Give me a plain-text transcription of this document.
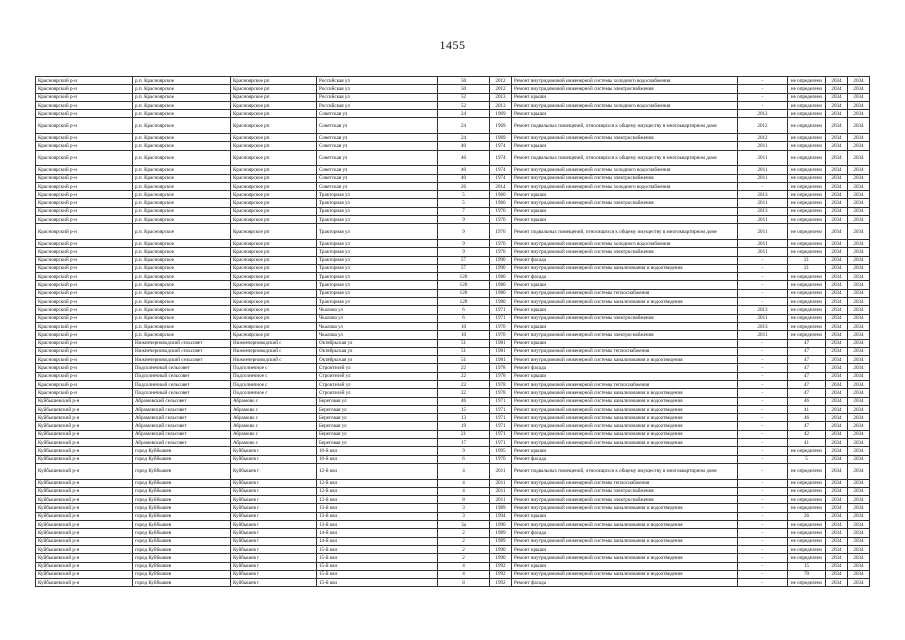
1455
Красноярский р-н	р.п. Красноярское	Красноярское рп	Российская ул	50	2012	Ремонт внутридомовой инженерной системы холодного водоснабжения	-	не определено	2034	2034
Красноярский р-н	р.п. Красноярское	Красноярское рп	Российская ул	50	2012	Ремонт внутридомовой инженерной системы электроснабжения	-	не определено	2034	2034
Красноярский р-н	р.п. Красноярское	Красноярское рп	Российская ул	52	2013	Ремонт крыши	-	не определено	2034	2034
Красноярский р-н	р.п. Красноярское	Красноярское рп	Российская ул	52	2013	Ремонт внутридомовой инженерной системы холодного водоснабжения	-	не определено	2034	2034
Красноярский р-н	р.п. Красноярское	Красноярское рп	Советская ул	24	1969	Ремонт крыши	2012	не определено	2034	2034
Красноярский р-н	р.п. Красноярское	Красноярское рп	Советская ул	24	1969	Ремонт подвальных помещений, относящихся к общему имуществу в многоквартирном доме	2012	не определено	2034	2034
Красноярский р-н	р.п. Красноярское	Красноярское рп	Советская ул	24	1969	Ремонт внутридомовой инженерной системы электроснабжения	2012	не определено	2034	2034
Красноярский р-н	р.п. Красноярское	Красноярское рп	Советская ул	40	1974	Ремонт крыши	2011	не определено	2034	2034
Красноярский р-н	р.п. Красноярское	Красноярское рп	Советская ул	40	1974	Ремонт подвальных помещений, относящихся к общему имуществу в многоквартирном доме	2011	не определено	2034	2034
Красноярский р-н	р.п. Красноярское	Красноярское рп	Советская ул	40	1974	Ремонт внутридомовой инженерной системы холодного водоснабжения	2011	не определено	2034	2034
Красноярский р-н	р.п. Красноярское	Красноярское рп	Советская ул	40	1974	Ремонт внутридомовой инженерной системы электроснабжения	2011	не определено	2034	2034
Красноярский р-н	р.п. Красноярское	Красноярское рп	Советская ул	26	2014	Ремонт внутридомовой инженерной системы холодного водоснабжения	-	не определено	2034	2034
Красноярский р-н	р.п. Красноярское	Красноярское рп	Тракторная ул	5	1960	Ремонт крыши	2013	не определено	2034	2034
Красноярский р-н	р.п. Красноярское	Красноярское рп	Тракторная ул	5	1960	Ремонт внутридомовой инженерной системы электроснабжения	2011	не определено	2034	2034
Красноярский р-н	р.п. Красноярское	Красноярское рп	Тракторная ул	7	1976	Ремонт крыши	2013	не определено	2034	2034
Красноярский р-н	р.п. Красноярское	Красноярское рп	Тракторная ул	9	1976	Ремонт крыши	2011	не определено	2034	2034
Красноярский р-н	р.п. Красноярское	Красноярское рп	Тракторная ул	9	1976	Ремонт подвальных помещений, относящихся к общему имуществу в многоквартирном доме	2011	не определено	2034	2034
Красноярский р-н	р.п. Красноярское	Красноярское рп	Тракторная ул	9	1976	Ремонт внутридомовой инженерной системы холодного водоснабжения	2011	не определено	2034	2034
Красноярский р-н	р.п. Красноярское	Красноярское рп	Тракторная ул	9	1976	Ремонт внутридомовой инженерной системы электроснабжения	2011	не определено	2034	2034
Красноярский р-н	р.п. Красноярское	Красноярское рп	Тракторная ул	57	1990	Ремонт фасада	-	21	2034	2034
Красноярский р-н	р.п. Красноярское	Красноярское рп	Тракторная ул	57	1990	Ремонт внутридомовой инженерной системы канализования и водоотведения	-	21	2034	2034
Красноярский р-н	р.п. Красноярское	Красноярское рп	Тракторная ул	120	1980	Ремонт фасада	-	не определено	2034	2034
Красноярский р-н	р.п. Красноярское	Красноярское рп	Тракторная ул	120	1980	Ремонт крыши	-	не определено	2034	2034
Красноярский р-н	р.п. Красноярское	Красноярское рп	Тракторная ул	120	1980	Ремонт внутридомовой инженерной системы теплоснабжения	-	не определено	2034	2034
Красноярский р-н	р.п. Красноярское	Красноярское рп	Тракторная ул	120	1980	Ремонт внутридомовой инженерной системы канализования и водоотведения	-	не определено	2034	2034
Красноярский р-н	р.п. Красноярское	Красноярское рп	Чкалова ул	6	1971	Ремонт крыши	2013	не определено	2034	2034
Красноярский р-н	р.п. Красноярское	Красноярское рп	Чкалова ул	6	1971	Ремонт внутридомовой инженерной системы электроснабжения	2011	не определено	2034	2034
Красноярский р-н	р.п. Красноярское	Красноярское рп	Чкалова ул	10	1970	Ремонт крыши	2013	не определено	2034	2034
Красноярский р-н	р.п. Красноярское	Красноярское рп	Чкалова ул	10	1970	Ремонт внутридомовой инженерной системы электроснабжения	2011	не определено	2034	2034
Красноярский р-н	Нижнечерноводский сельсовет	Нижнечерноводский с	Октябрьская ул	51	1981	Ремонт крыши	-	47	2034	2034
Красноярский р-н	Нижнечерноводский сельсовет	Нижнечерноводский с	Октябрьская ул	51	1981	Ремонт внутридомовой инженерной системы теплоснабжения	-	47	2034	2034
Красноярский р-н	Нижнечерноводский сельсовет	Нижнечерноводский с	Октябрьская ул	51	1981	Ремонт внутридомовой инженерной системы канализования и водоотведения	-	47	2034	2034
Красноярский р-н	Подсолнечный сельсовет	Подсолнечное с	Строителей ул	22	1978	Ремонт фасада	-	47	2034	2034
Красноярский р-н	Подсолнечный сельсовет	Подсолнечное с	Строителей ул	22	1978	Ремонт крыши	-	47	2034	2034
Красноярский р-н	Подсолнечный сельсовет	Подсолнечное с	Строителей ул	22	1978	Ремонт внутридомовой инженерной системы теплоснабжения	-	47	2034	2034
Красноярский р-н	Подсолнечный сельсовет	Подсолнечное с	Строителей ул	22	1978	Ремонт внутридомовой инженерной системы канализования и водоотведения	-	47	2034	2034
Куйбышевский р-н	Абрамовский сельсовет	Абрамово с	Береговая ул	46	1971	Ремонт внутридомовой инженерной системы канализования и водоотведения	-	46	2034	2034
Куйбышевский р-н	Абрамовский сельсовет	Абрамово с	Береговая ул	15	1971	Ремонт внутридомовой инженерной системы канализования и водоотведения	-	41	2034	2034
Куйбышевский р-н	Абрамовский сельсовет	Абрамово с	Береговая ул	13	1971	Ремонт внутридомовой инженерной системы канализования и водоотведения	-	46	2034	2034
Куйбышевский р-н	Абрамовский сельсовет	Абрамово с	Береговая ул	19	1971	Ремонт внутридомовой инженерной системы канализования и водоотведения	-	47	2034	2034
Куйбышевский р-н	Абрамовский сельсовет	Абрамово с	Береговая ул	21	1971	Ремонт внутридомовой инженерной системы канализования и водоотведения	-	42	2034	2034
Куйбышевский р-н	Абрамовский сельсовет	Абрамово с	Береговая ул	17	1971	Ремонт внутридомовой инженерной системы канализования и водоотведения	-	41	2034	2034
Куйбышевский р-н	город Куйбышев	Куйбышев г	10-й квл	9	1995	Ремонт крыши	-	не определено	2034	2034
Куйбышевский р-н	город Куйбышев	Куйбышев г	10-й квл	6	1970	Ремонт фасада	-	5	2034	2034
Куйбышевский р-н	город Куйбышев	Куйбышев г	12-й квл	4	2011	Ремонт подвальных помещений, относящихся к общему имуществу в многоквартирном доме	-	не определено	2034	2034
Куйбышевский р-н	город Куйбышев	Куйбышев г	12-й квл	4	2011	Ремонт внутридомовой инженерной системы теплоснабжения	-	не определено	2034	2034
Куйбышевский р-н	город Куйбышев	Куйбышев г	12-й квл	4	2011	Ремонт внутридомовой инженерной системы электроснабжения	-	не определено	2034	2034
Куйбышевский р-н	город Куйбышев	Куйбышев г	12-й квл	8	2011	Ремонт внутридомовой инженерной системы электроснабжения	-	не определено	2034	2034
Куйбышевский р-н	город Куйбышев	Куйбышев г	13-й квл	3	1989	Ремонт внутридомовой инженерной системы канализования и водоотведения	-	не определено	2034	2034
Куйбышевский р-н	город Куйбышев	Куйбышев г	13-й квл	3	1994	Ремонт крыши	-	26	2034	2034
Куйбышевский р-н	город Куйбышев	Куйбышев г	13-й квл	3а	1990	Ремонт внутридомовой инженерной системы канализования и водоотведения	-	не определено	2034	2034
Куйбышевский р-н	город Куйбышев	Куйбышев г	14-й квл	2	1989	Ремонт фасада	-	не определено	2034	2034
Куйбышевский р-н	город Куйбышев	Куйбышев г	14-й квл	2	1989	Ремонт внутридомовой инженерной системы канализования и водоотведения	-	не определено	2034	2034
Куйбышевский р-н	город Куйбышев	Куйбышев г	15-й квл	2	1990	Ремонт крыши	-	не определено	2034	2034
Куйбышевский р-н	город Куйбышев	Куйбышев г	15-й квл	2	1990	Ремонт внутридомовой инженерной системы канализования и водоотведения	-	не определено	2034	2034
Куйбышевский р-н	город Куйбышев	Куйбышев г	15-й квл	4	1992	Ремонт крыши	-	15	2034	2034
Куйбышевский р-н	город Куйбышев	Куйбышев г	15-й квл	4	1992	Ремонт внутридомовой инженерной системы канализования и водоотведения	-	70	2034	2034
Куйбышевский р-н	город Куйбышев	Куйбышев г	15-й квл	8	1992	Ремонт фасада	-	не определено	2034	2034
